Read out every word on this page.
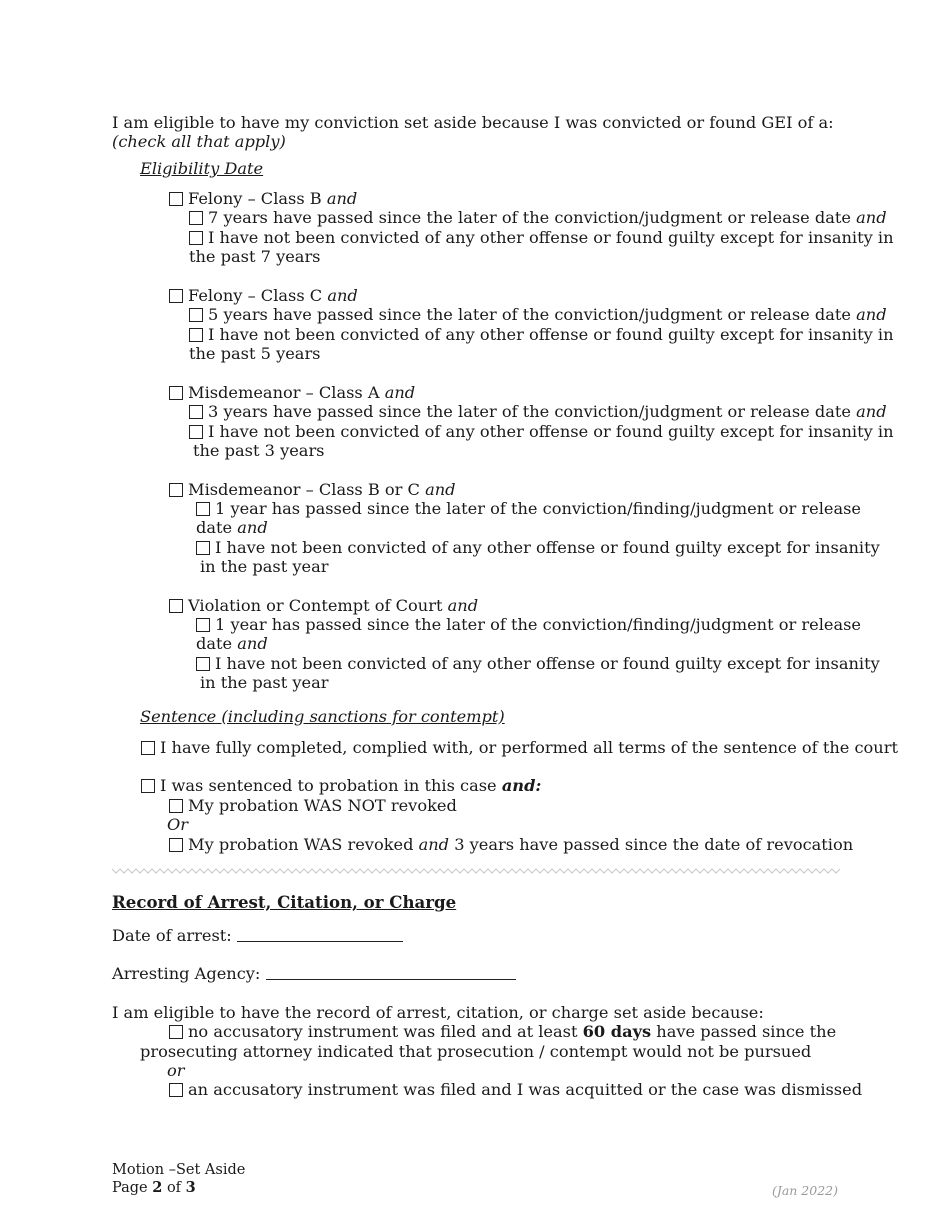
I am eligible to have my conviction set aside because I was convicted or found GEI of a:
(check all that apply)
Eligibility Date
Felony – Class B and
7 years have passed since the later of the conviction/judgment or release date and
I have not been convicted of any other offense or found guilty except for insanity in
the past 7 years
Felony – Class C and
5 years have passed since the later of the conviction/judgment or release date and
I have not been convicted of any other offense or found guilty except for insanity in
the past 5 years
Misdemeanor – Class A and
3 years have passed since the later of the conviction/judgment or release date and
I have not been convicted of any other offense or found guilty except for insanity in
the past 3 years
Misdemeanor – Class B or C and
1 year has passed since the later of the conviction/finding/judgment or release
date and
I have not been convicted of any other offense or found guilty except for insanity
in the past year
Violation or Contempt of Court and
1 year has passed since the later of the conviction/finding/judgment or release
date and
I have not been convicted of any other offense or found guilty except for insanity
in the past year
Sentence (including sanctions for contempt)
I have fully completed, complied with, or performed all terms of the sentence of the court
I was sentenced to probation in this case and:
My probation WAS NOT revoked
Or
My probation WAS revoked and 3 years have passed since the date of revocation
Record of Arrest, Citation, or Charge
Date of arrest:
Arresting Agency:
I am eligible to have the record of arrest, citation, or charge set aside because:
no accusatory instrument was filed and at least 60 days have passed since the
prosecuting attorney indicated that prosecution / contempt would not be pursued
or
an accusatory instrument was filed and I was acquitted or the case was dismissed
Motion –Set Aside
Page 2 of 3	(Jan 2022)
